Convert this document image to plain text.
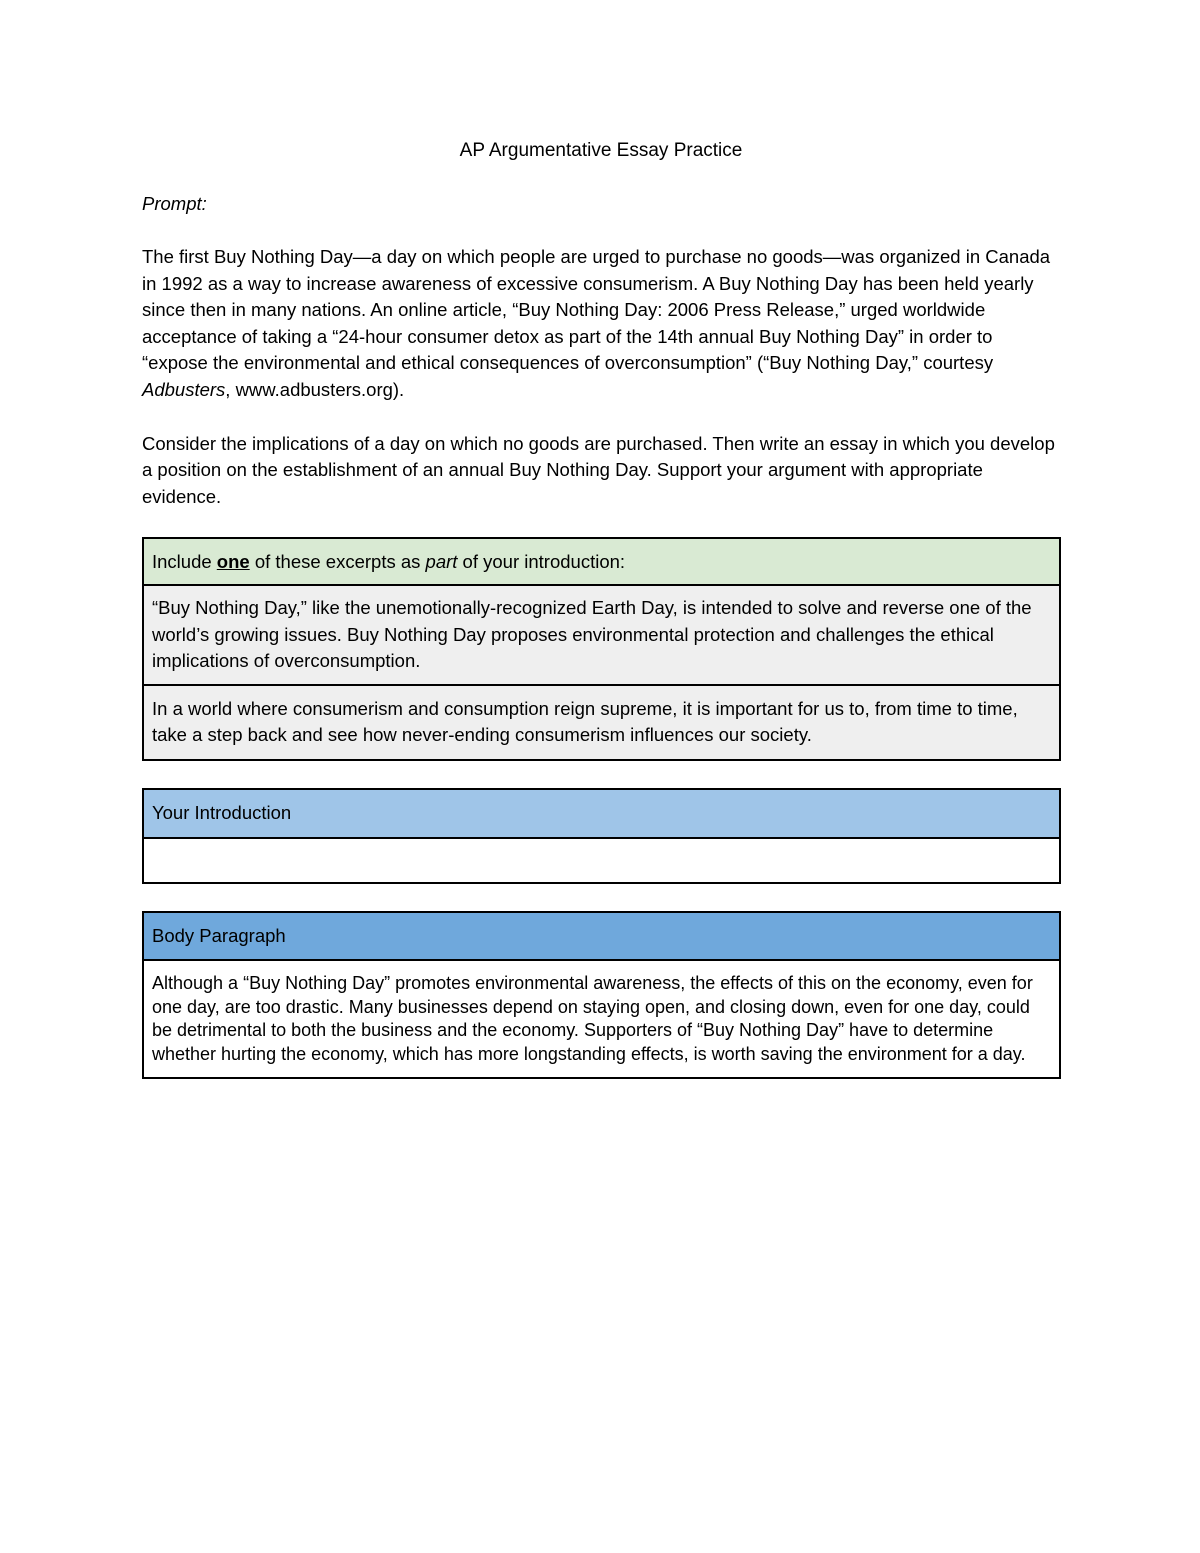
AP Argumentative Essay Practice
Prompt:
The first Buy Nothing Day—a day on which people are urged to purchase no goods—was organized in Canada in 1992 as a way to increase awareness of excessive consumerism. A Buy Nothing Day has been held yearly since then in many nations. An online article, “Buy Nothing Day: 2006 Press Release,” urged worldwide acceptance of taking a “24-hour consumer detox as part of the 14th annual Buy Nothing Day” in order to “expose the environmental and ethical consequences of overconsumption” (“Buy Nothing Day,” courtesy Adbusters, www.adbusters.org).
Consider the implications of a day on which no goods are purchased. Then write an essay in which you develop a position on the establishment of an annual Buy Nothing Day. Support your argument with appropriate evidence.
Include one of these excerpts as part of your introduction:
“Buy Nothing Day,” like the unemotionally-recognized Earth Day, is intended to solve and reverse one of the world’s growing issues. Buy Nothing Day proposes environmental protection and challenges the ethical implications of overconsumption.
In a world where consumerism and consumption reign supreme, it is important for us to, from time to time, take a step back and see how never-ending consumerism influences our society.
Your Introduction
Body Paragraph
Although a “Buy Nothing Day” promotes environmental awareness, the effects of this on the economy, even for one day, are too drastic. Many businesses depend on staying open, and closing down, even for one day, could be detrimental to both the business and the economy. Supporters of “Buy Nothing Day” have to determine whether hurting the economy, which has more longstanding effects, is worth saving the environment for a day.
